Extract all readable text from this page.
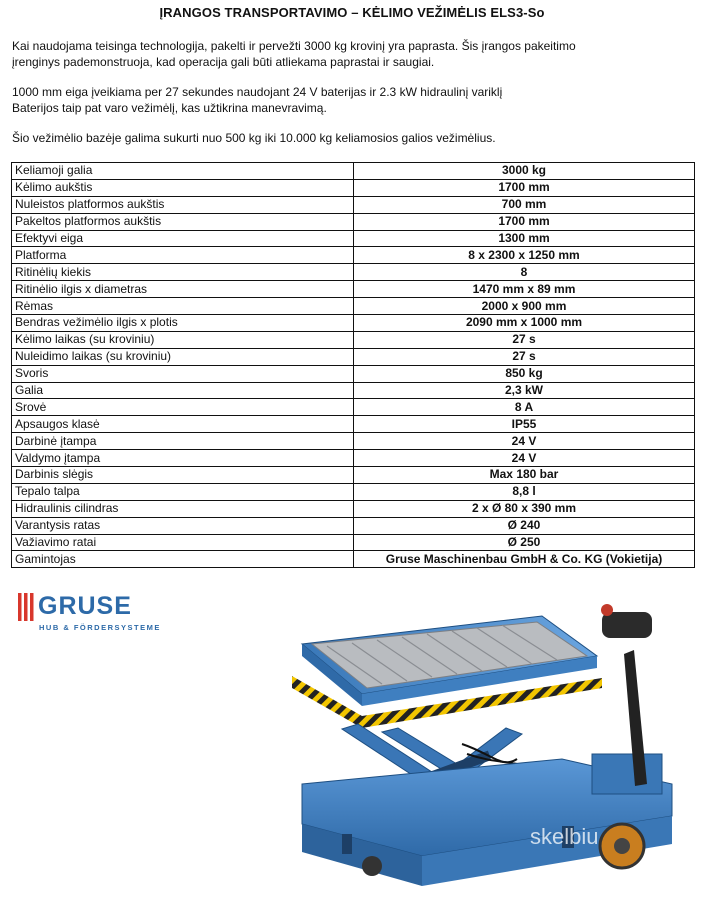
ĮRANGOS TRANSPORTAVIMO – KĖLIMO VEŽIMĖLIS ELS3-So

Kai naudojama teisinga technologija, pakelti ir pervežti 3000 kg krovinį yra paprasta. Šis įrangos pakeitimo
įrenginys pademonstruoja, kad operacija gali būti atliekama paprastai ir saugiai.

1000 mm eiga įveikiama per 27 sekundes naudojant 24 V baterijas ir 2.3 kW hidraulinį variklį
Baterijos taip pat varo vežimėlį, kas užtikrina manevravimą.

Šio vežimėlio bazėje galima sukurti nuo 500 kg iki 10.000 kg keliamosios galios vežimėlius.

Keliamoji galia	3000 kg
Kėlimo aukštis	1700 mm
Nuleistos platformos aukštis	700 mm
Pakeltos platformos aukštis	1700 mm
Efektyvi eiga	1300 mm
Platforma	8 x 2300 x 1250 mm
Ritinėlių kiekis	8
Ritinėlio ilgis x diametras	1470 mm x 89 mm
Rėmas	2000 x 900 mm
Bendras vežimėlio ilgis x plotis	2090 mm x 1000 mm
Kėlimo laikas (su kroviniu)	27 s
Nuleidimo laikas (su kroviniu)	27 s
Svoris	850 kg
Galia	2,3 kW
Srovė	8 A
Apsaugos klasė	IP55
Darbinė įtampa	24 V
Valdymo įtampa	24 V
Darbinis slėgis	Max 180 bar
Tepalo talpa	8,8 l
Hidraulinis cilindras	2 x Ø 80 x 390 mm
Varantysis ratas	Ø 240
Važiavimo ratai	Ø 250
Gamintojas	Gruse Maschinenbau GmbH & Co. KG (Vokietija)
GRUSE
HUB & FÖRDERSYSTEME
skelbiu
